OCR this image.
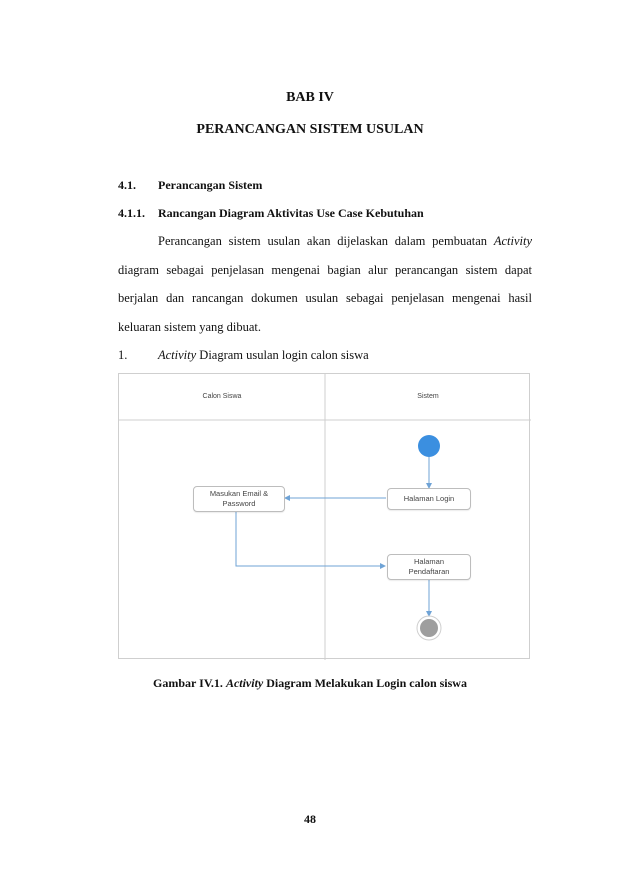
BAB IV
PERANCANGAN SISTEM USULAN
4.1. Perancangan Sistem
4.1.1. Rancangan Diagram Aktivitas Use Case Kebutuhan
Perancangan sistem usulan akan dijelaskan dalam pembuatan Activity
diagram sebagai penjelasan mengenai bagian alur perancangan sistem dapat
berjalan dan rancangan dokumen usulan sebagai penjelasan mengenai hasil
keluaran sistem yang dibuat.
1. Activity Diagram usulan login calon siswa
Calon Siswa	Sistem
Halaman Login
Masukan Email &
Password
Halaman
Pendaftaran
Gambar IV.1. Activity Diagram Melakukan Login calon siswa
48
